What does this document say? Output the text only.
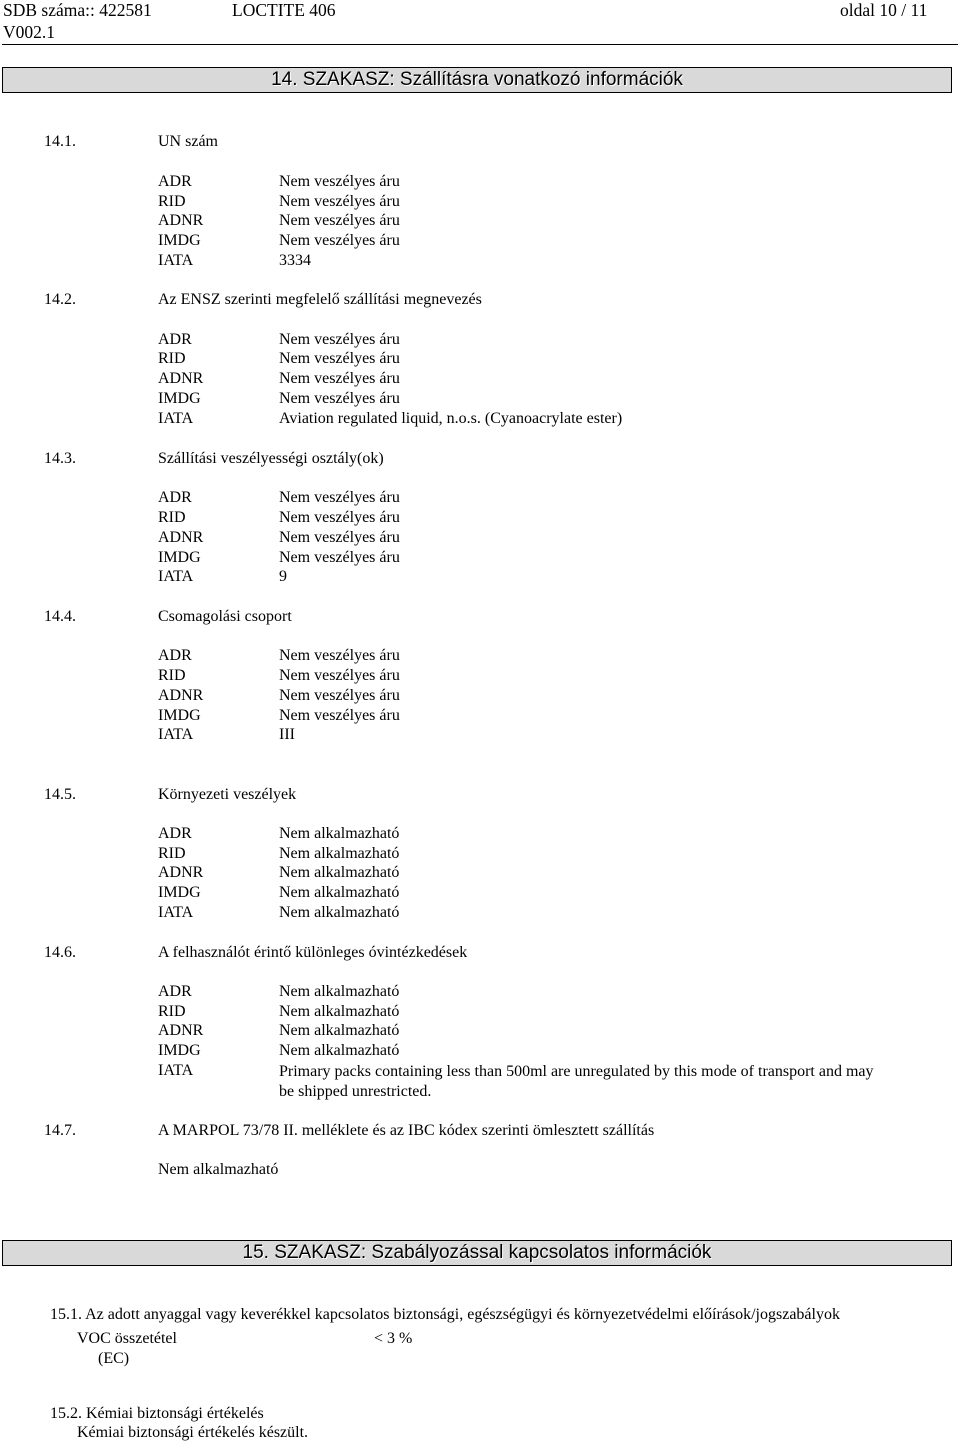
SDB száma:: 422581	LOCTITE 406	oldal 10 / 11
V002.1
14. SZAKASZ: Szállításra vonatkozó információk
14.1.	UN szám
ADR	Nem veszélyes áru
RID	Nem veszélyes áru
ADNR	Nem veszélyes áru
IMDG	Nem veszélyes áru
IATA	3334
14.2.	Az ENSZ szerinti megfelelő szállítási megnevezés
ADR	Nem veszélyes áru
RID	Nem veszélyes áru
ADNR	Nem veszélyes áru
IMDG	Nem veszélyes áru
IATA	Aviation regulated liquid, n.o.s. (Cyanoacrylate ester)
14.3.	Szállítási veszélyességi osztály(ok)
ADR	Nem veszélyes áru
RID	Nem veszélyes áru
ADNR	Nem veszélyes áru
IMDG	Nem veszélyes áru
IATA	9
14.4.	Csomagolási csoport
ADR	Nem veszélyes áru
RID	Nem veszélyes áru
ADNR	Nem veszélyes áru
IMDG	Nem veszélyes áru
IATA	III
14.5.	Környezeti veszélyek
ADR	Nem alkalmazható
RID	Nem alkalmazható
ADNR	Nem alkalmazható
IMDG	Nem alkalmazható
IATA	Nem alkalmazható
14.6.	A felhasználót érintő különleges óvintézkedések
ADR	Nem alkalmazható
RID	Nem alkalmazható
ADNR	Nem alkalmazható
IMDG	Nem alkalmazható
IATA	Primary packs containing less than 500ml are unregulated by this mode of transport and may be shipped unrestricted.
14.7.	A MARPOL 73/78 II. melléklete és az IBC kódex szerinti ömlesztett szállítás
Nem alkalmazható
15. SZAKASZ: Szabályozással kapcsolatos információk
15.1. Az adott anyaggal vagy keverékkel kapcsolatos biztonsági, egészségügyi és környezetvédelmi előírások/jogszabályok
VOC összetétel	< 3 %
(EC)
15.2. Kémiai biztonsági értékelés
Kémiai biztonsági értékelés készült.
